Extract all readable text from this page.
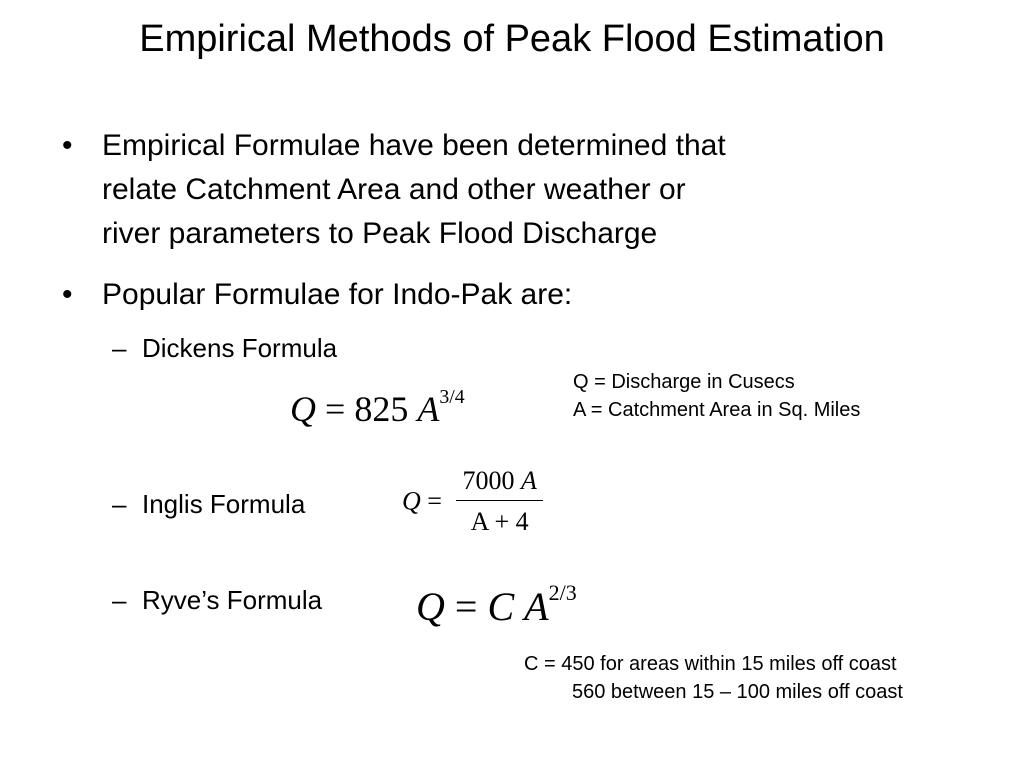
Empirical Methods of Peak Flood Estimation
• Empirical Formulae have been determined that
relate Catchment Area and other weather or
river parameters to Peak Flood Discharge
• Popular Formulae for Indo-Pak are:
– Dickens Formula
– Inglis Formula
– Ryve’s Formula
Q = 825 $A^{3/4}$
Q = Discharge in Cusecs
A = Catchment Area in Sq. Miles
$Q = \frac{7000 A}{A + 4}$
Q = C $A^{2/3}$
C = 450 for areas within 15 miles off coast
560 between 15 – 100 miles off coast
